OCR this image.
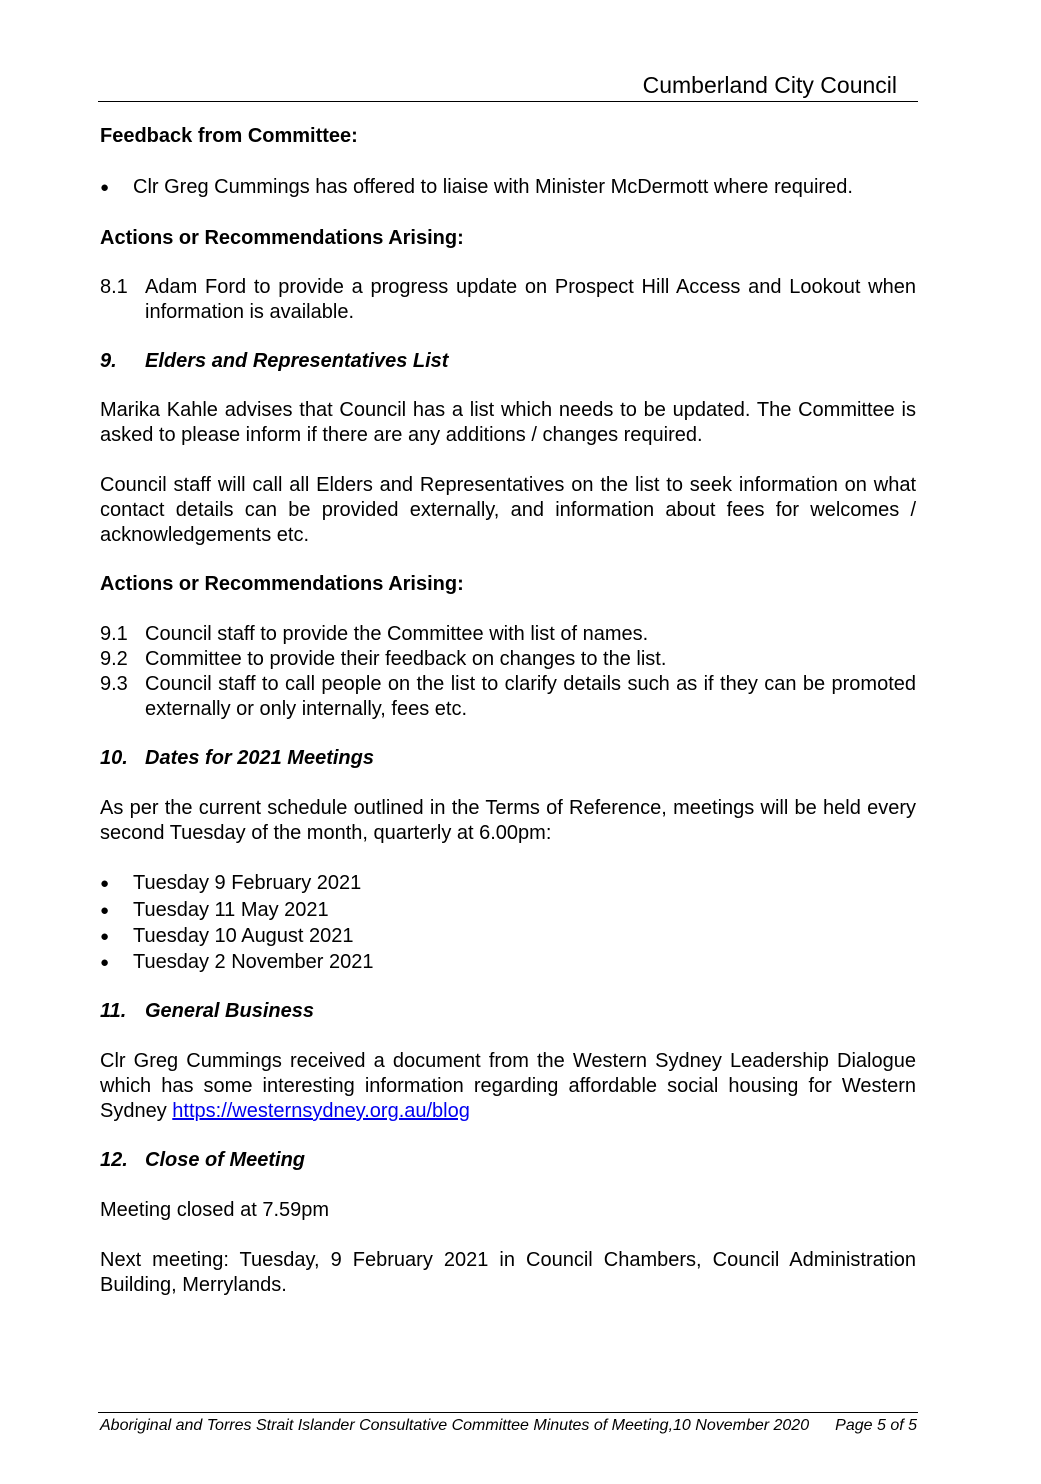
Cumberland City Council
Feedback from Committee:
●	Clr Greg Cummings has offered to liaise with Minister McDermott where required.
Actions or Recommendations Arising:
8.1 Adam Ford to provide a progress update on Prospect Hill Access and Lookout when information is available.
9. Elders and Representatives List
Marika Kahle advises that Council has a list which needs to be updated. The Committee is asked to please inform if there are any additions / changes required.
Council staff will call all Elders and Representatives on the list to seek information on what contact details can be provided externally, and information about fees for welcomes / acknowledgements etc.
Actions or Recommendations Arising:
9.1 Council staff to provide the Committee with list of names.
9.2 Committee to provide their feedback on changes to the list.
9.3 Council staff to call people on the list to clarify details such as if they can be promoted externally or only internally, fees etc.
10. Dates for 2021 Meetings
As per the current schedule outlined in the Terms of Reference, meetings will be held every second Tuesday of the month, quarterly at 6.00pm:
●	Tuesday 9 February 2021
●	Tuesday 11 May 2021
●	Tuesday 10 August 2021
●	Tuesday 2 November 2021
11. General Business
Clr Greg Cummings received a document from the Western Sydney Leadership Dialogue which has some interesting information regarding affordable social housing for Western Sydney https://westernsydney.org.au/blog
12. Close of Meeting
Meeting closed at 7.59pm
Next meeting: Tuesday, 9 February 2021 in Council Chambers, Council Administration Building, Merrylands.
Aboriginal and Torres Strait Islander Consultative Committee Minutes of Meeting,10 November 2020 Page 5 of 5
